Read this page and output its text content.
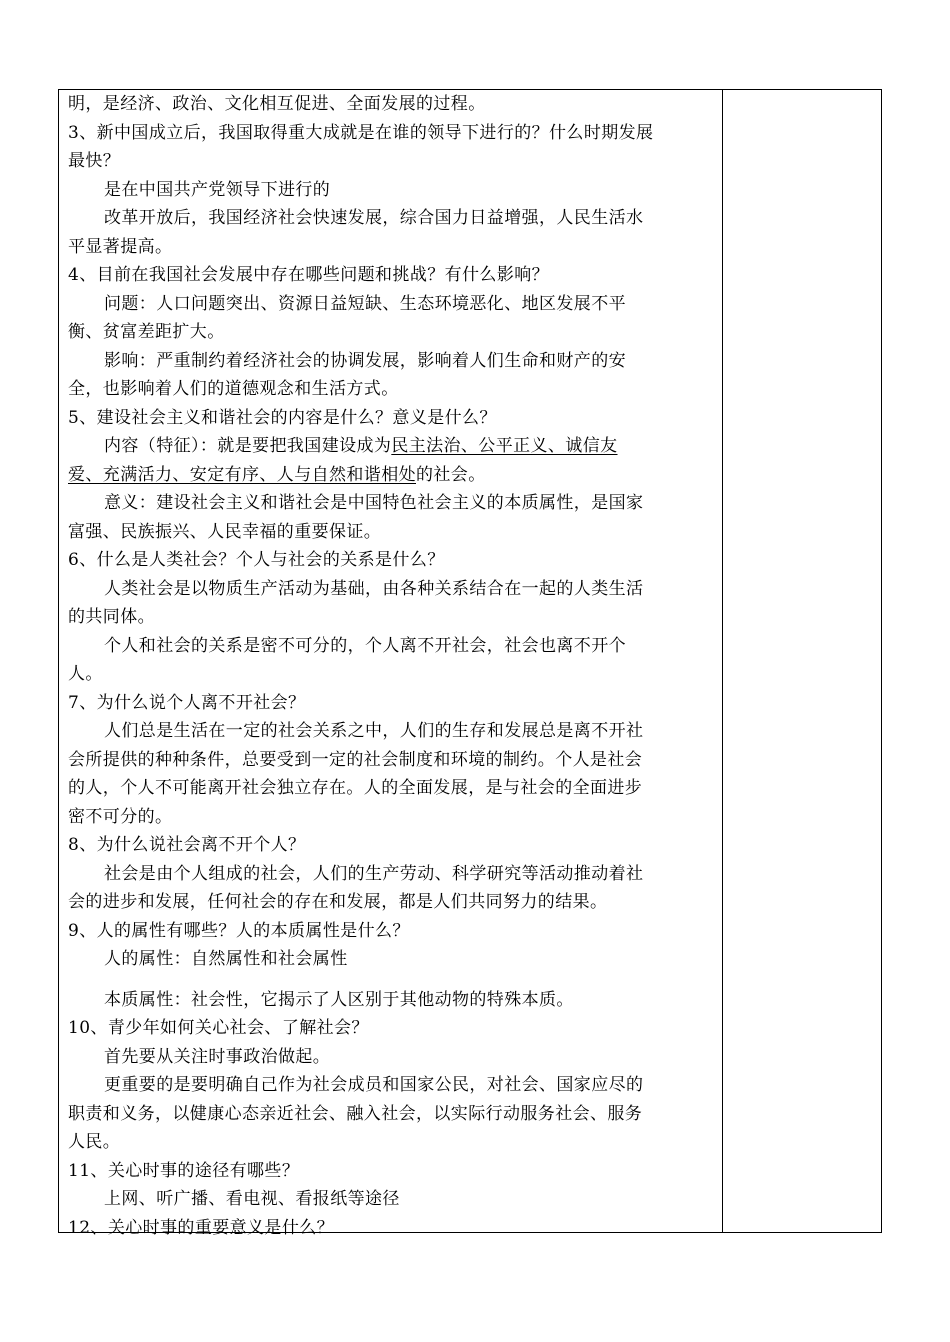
明，是经济、政治、文化相互促进、全面发展的过程。
3、新中国成立后，我国取得重大成就是在谁的领导下进行的？什么时期发展
最快？
是在中国共产党领导下进行的
改革开放后，我国经济社会快速发展，综合国力日益增强，人民生活水
平显著提高。
4、目前在我国社会发展中存在哪些问题和挑战？有什么影响？
问题：人口问题突出、资源日益短缺、生态环境恶化、地区发展不平
衡、贫富差距扩大。
影响：严重制约着经济社会的协调发展，影响着人们生命和财产的安
全，也影响着人们的道德观念和生活方式。
5、建设社会主义和谐社会的内容是什么？意义是什么？
内容（特征）：就是要把我国建设成为民主法治、公平正义、诚信友
爱、充满活力、安定有序、人与自然和谐相处的社会。
意义：建设社会主义和谐社会是中国特色社会主义的本质属性，是国家
富强、民族振兴、人民幸福的重要保证。
6、什么是人类社会？个人与社会的关系是什么？
人类社会是以物质生产活动为基础，由各种关系结合在一起的人类生活
的共同体。
个人和社会的关系是密不可分的，个人离不开社会，社会也离不开个
人。
7、为什么说个人离不开社会？
人们总是生活在一定的社会关系之中，人们的生存和发展总是离不开社
会所提供的种种条件，总要受到一定的社会制度和环境的制约。个人是社会
的人，个人不可能离开社会独立存在。人的全面发展，是与社会的全面进步
密不可分的。
8、为什么说社会离不开个人？
社会是由个人组成的社会，人们的生产劳动、科学研究等活动推动着社
会的进步和发展，任何社会的存在和发展，都是人们共同努力的结果。
9、人的属性有哪些？人的本质属性是什么？
人的属性：自然属性和社会属性
本质属性：社会性，它揭示了人区别于其他动物的特殊本质。
10、青少年如何关心社会、了解社会？
首先要从关注时事政治做起。
更重要的是要明确自己作为社会成员和国家公民，对社会、国家应尽的
职责和义务，以健康心态亲近社会、融入社会，以实际行动服务社会、服务
人民。
11、关心时事的途径有哪些？
上网、听广播、看电视、看报纸等途径
12、关心时事的重要意义是什么？
